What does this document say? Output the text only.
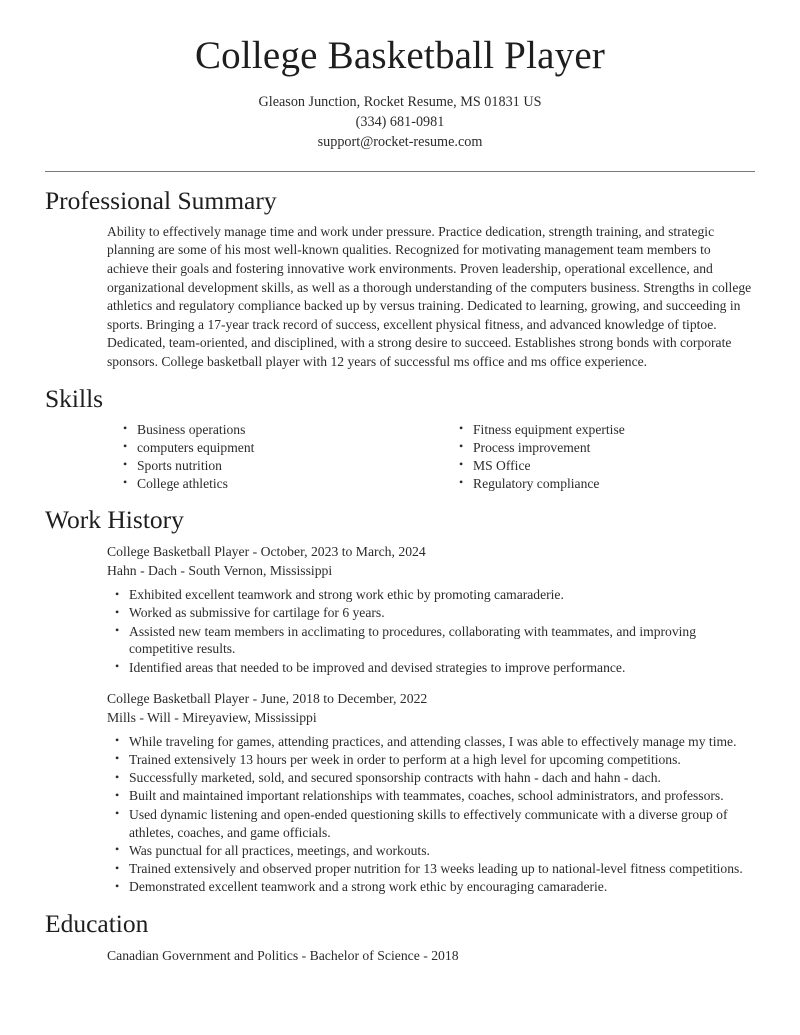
College Basketball Player

Gleason Junction, Rocket Resume, MS 01831 US

(334) 681-0981

support@rocket-resume.com

Professional Summary

Ability to effectively manage time and work under pressure. Practice dedication, strength training, and strategic planning are some of his most well-known qualities. Recognized for motivating management team members to achieve their goals and fostering innovative work environments. Proven leadership, operational excellence, and organizational development skills, as well as a thorough understanding of the computers business. Strengths in college athletics and regulatory compliance backed up by versus training. Dedicated to learning, growing, and succeeding in sports. Bringing a 17-year track record of success, excellent physical fitness, and advanced knowledge of tiptoe. Dedicated, team-oriented, and disciplined, with a strong desire to succeed. Establishes strong bonds with corporate sponsors. College basketball player with 12 years of successful ms office and ms office experience.

Skills
• Business operations
• computers equipment
• Sports nutrition
• College athletics
• Fitness equipment expertise
• Process improvement
• MS Office
• Regulatory compliance
Work History

College Basketball Player - October, 2023 to March, 2024

Hahn - Dach - South Vernon, Mississippi

• Exhibited excellent teamwork and strong work ethic by promoting camaraderie.
• Worked as submissive for cartilage for 6 years.
• Assisted new team members in acclimating to procedures, collaborating with teammates, and improving competitive results.
• Identified areas that needed to be improved and devised strategies to improve performance.

College Basketball Player - June, 2018 to December, 2022

Mills - Will - Mireyaview, Mississippi

• While traveling for games, attending practices, and attending classes, I was able to effectively manage my time.
• Trained extensively 13 hours per week in order to perform at a high level for upcoming competitions.
• Successfully marketed, sold, and secured sponsorship contracts with hahn - dach and hahn - dach.
• Built and maintained important relationships with teammates, coaches, school administrators, and professors.
• Used dynamic listening and open-ended questioning skills to effectively communicate with a diverse group of athletes, coaches, and game officials.
• Was punctual for all practices, meetings, and workouts.
• Trained extensively and observed proper nutrition for 13 weeks leading up to national-level fitness competitions.
• Demonstrated excellent teamwork and a strong work ethic by encouraging camaraderie.
Education

Canadian Government and Politics - Bachelor of Science - 2018
